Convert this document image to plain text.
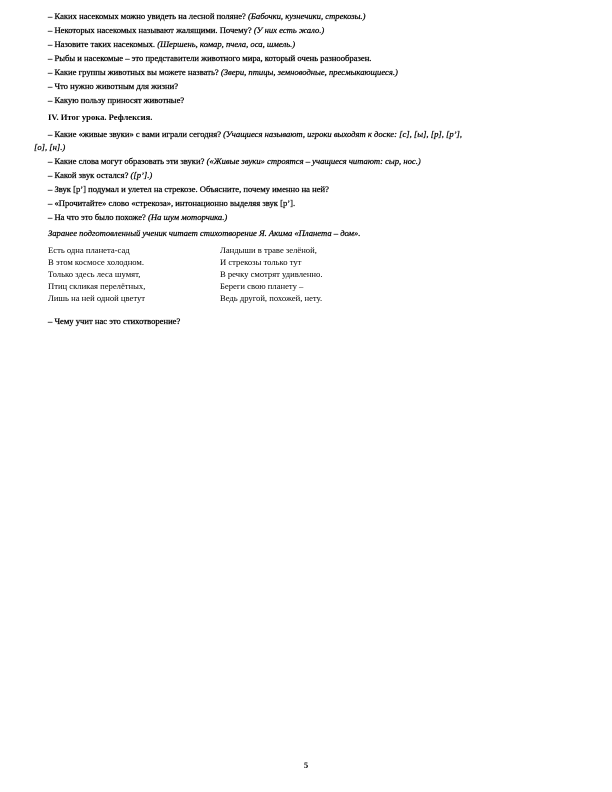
– Каких насекомых можно увидеть на лесной поляне? (Бабочки, кузнечики, стрекозы.)
– Некоторых насекомых называют жалящими. Почему? (У них есть жало.)
– Назовите таких насекомых. (Шершень, комар, пчела, оса, шмель.)
– Рыбы и насекомые – это представители животного мира, который очень разнообразен.
– Какие группы животных вы можете назвать? (Звери, птицы, земноводные, пресмыкающиеся.)
– Что нужно животным для жизни?
– Какую пользу приносят животные?
IV. Итог урока. Рефлексия.
– Какие «живые звуки» с вами играли сегодня? (Учащиеся называют, игроки выходят к доске: [с], [ы], [р], [р’],
[о], [н].)
– Какие слова могут образовать эти звуки? («Живые звуки» строятся – учащиеся читают: сыр, нос.)
– Какой звук остался? ([р’].)
– Звук [р’] подумал и улетел на стрекозе. Объясните, почему именно на ней?
– «Прочитайте» слово «стрекоза», интонационно выделяя звук [р’].
– На что это было похоже? (На шум моторчика.)
Заранее подготовленный ученик читает стихотворение Я. Акима «Планета – дом».
Есть одна планета-сад
В этом космосе холодном.
Только здесь леса шумят,
Птиц скликая перелётных,
Лишь на ней одной цветут
Ландыши в траве зелёной,
И стрекозы только тут
В речку смотрят удивленно.
Береги свою планету –
Ведь другой, похожей, нету.
– Чему учит нас это стихотворение?
5
